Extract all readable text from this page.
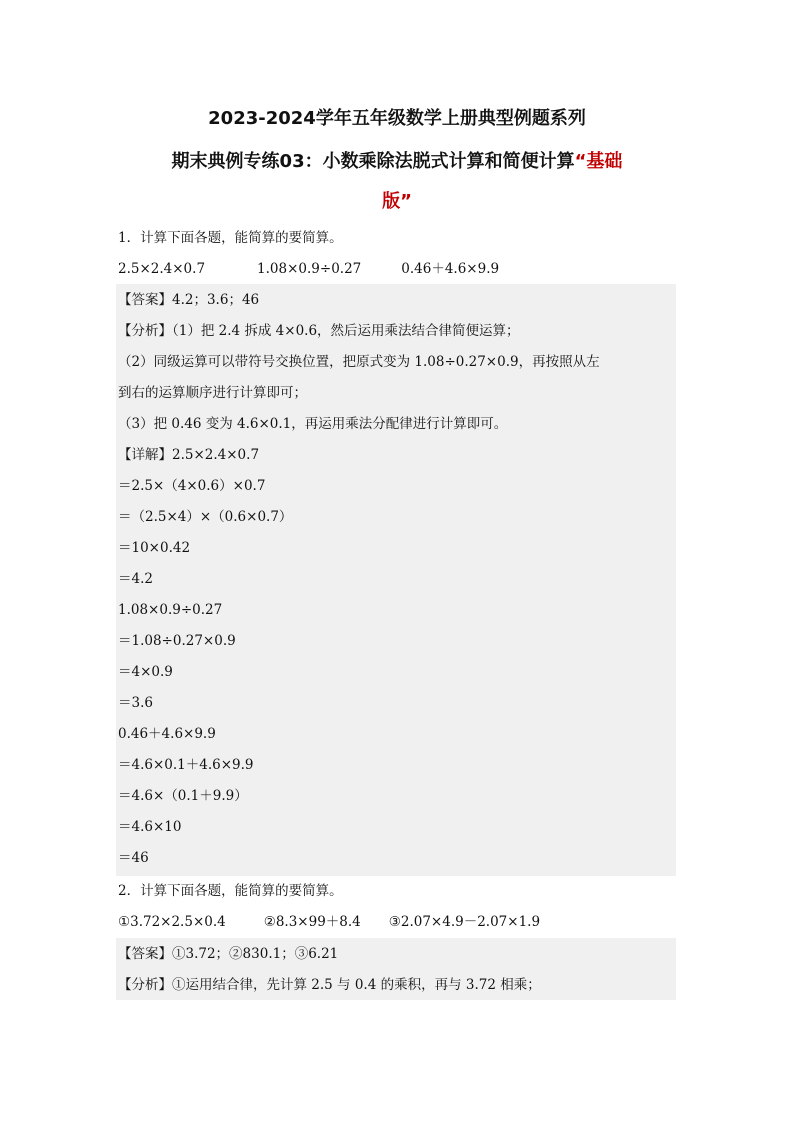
2023-2024学年五年级数学上册典型例题系列
期末典例专练03：小数乘除法脱式计算和简便计算“基础
版”
1．计算下面各题，能简算的要简算。
2.5×2.4×0.7	1.08×0.9÷0.27	0.46＋4.6×9.9
【答案】4.2；3.6；46
【分析】（1）把 2.4 拆成 4×0.6，然后运用乘法结合律简便运算；
（2）同级运算可以带符号交换位置，把原式变为 1.08÷0.27×0.9，再按照从左
到右的运算顺序进行计算即可；
（3）把 0.46 变为 4.6×0.1，再运用乘法分配律进行计算即可。
【详解】2.5×2.4×0.7
＝2.5×（4×0.6）×0.7
＝（2.5×4）×（0.6×0.7）
＝10×0.42
＝4.2
1.08×0.9÷0.27
＝1.08÷0.27×0.9
＝4×0.9
＝3.6
0.46＋4.6×9.9
＝4.6×0.1＋4.6×9.9
＝4.6×（0.1＋9.9）
＝4.6×10
＝46
2．计算下面各题，能简算的要简算。
①3.72×2.5×0.4	②8.3×99＋8.4 ③2.07×4.9－2.07×1.9
【答案】①3.72；②830.1；③6.21
【分析】①运用结合律，先计算 2.5 与 0.4 的乘积，再与 3.72 相乘；
